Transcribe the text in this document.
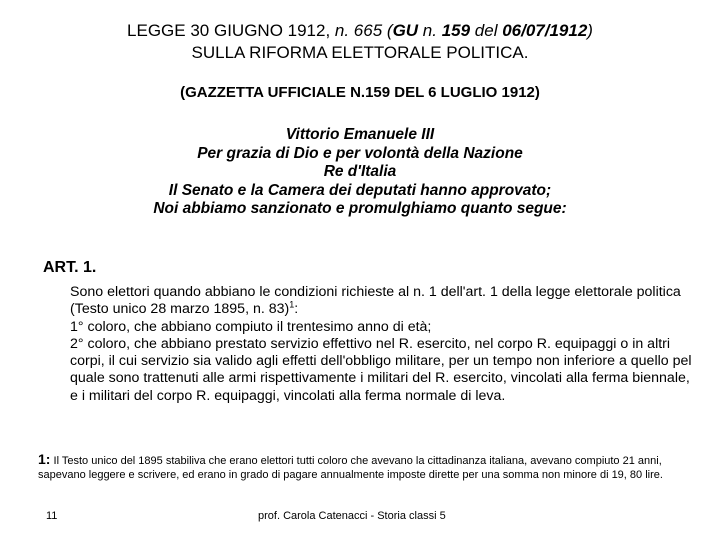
LEGGE 30 GIUGNO 1912, n. 665 (GU n. 159 del 06/07/1912)
SULLA RIFORMA ELETTORALE POLITICA.
(GAZZETTA UFFICIALE N.159 DEL 6 LUGLIO 1912)
Vittorio Emanuele III
Per grazia di Dio e per volontà della Nazione
Re d'Italia
Il Senato e la Camera dei deputati hanno approvato;
Noi abbiamo sanzionato e promulghiamo quanto segue:
ART. 1.

Sono elettori quando abbiano le condizioni richieste al n. 1 dell'art. 1 della legge elettorale politica (Testo unico 28 marzo 1895, n. 83)$^1$:

1° coloro, che abbiano compiuto il trentesimo anno di età;

2° coloro, che abbiano prestato servizio effettivo nel R. esercito, nel corpo R. equipaggi o in altri corpi, il cui servizio sia valido agli effetti dell'obbligo militare, per un tempo non inferiore a quello pel quale sono trattenuti alle armi rispettivamente i militari del R. esercito, vincolati alla ferma biennale, e i militari del corpo R. equipaggi, vincolati alla ferma normale di leva.

1: Il Testo unico del 1895 stabiliva che erano elettori tutti coloro che avevano la cittadinanza italiana, avevano compiuto 21 anni, sapevano leggere e scrivere, ed erano in grado di pagare annualmente imposte dirette per una somma non minore di 19, 80 lire.
11	prof. Carola Catenacci - Storia classi 5
